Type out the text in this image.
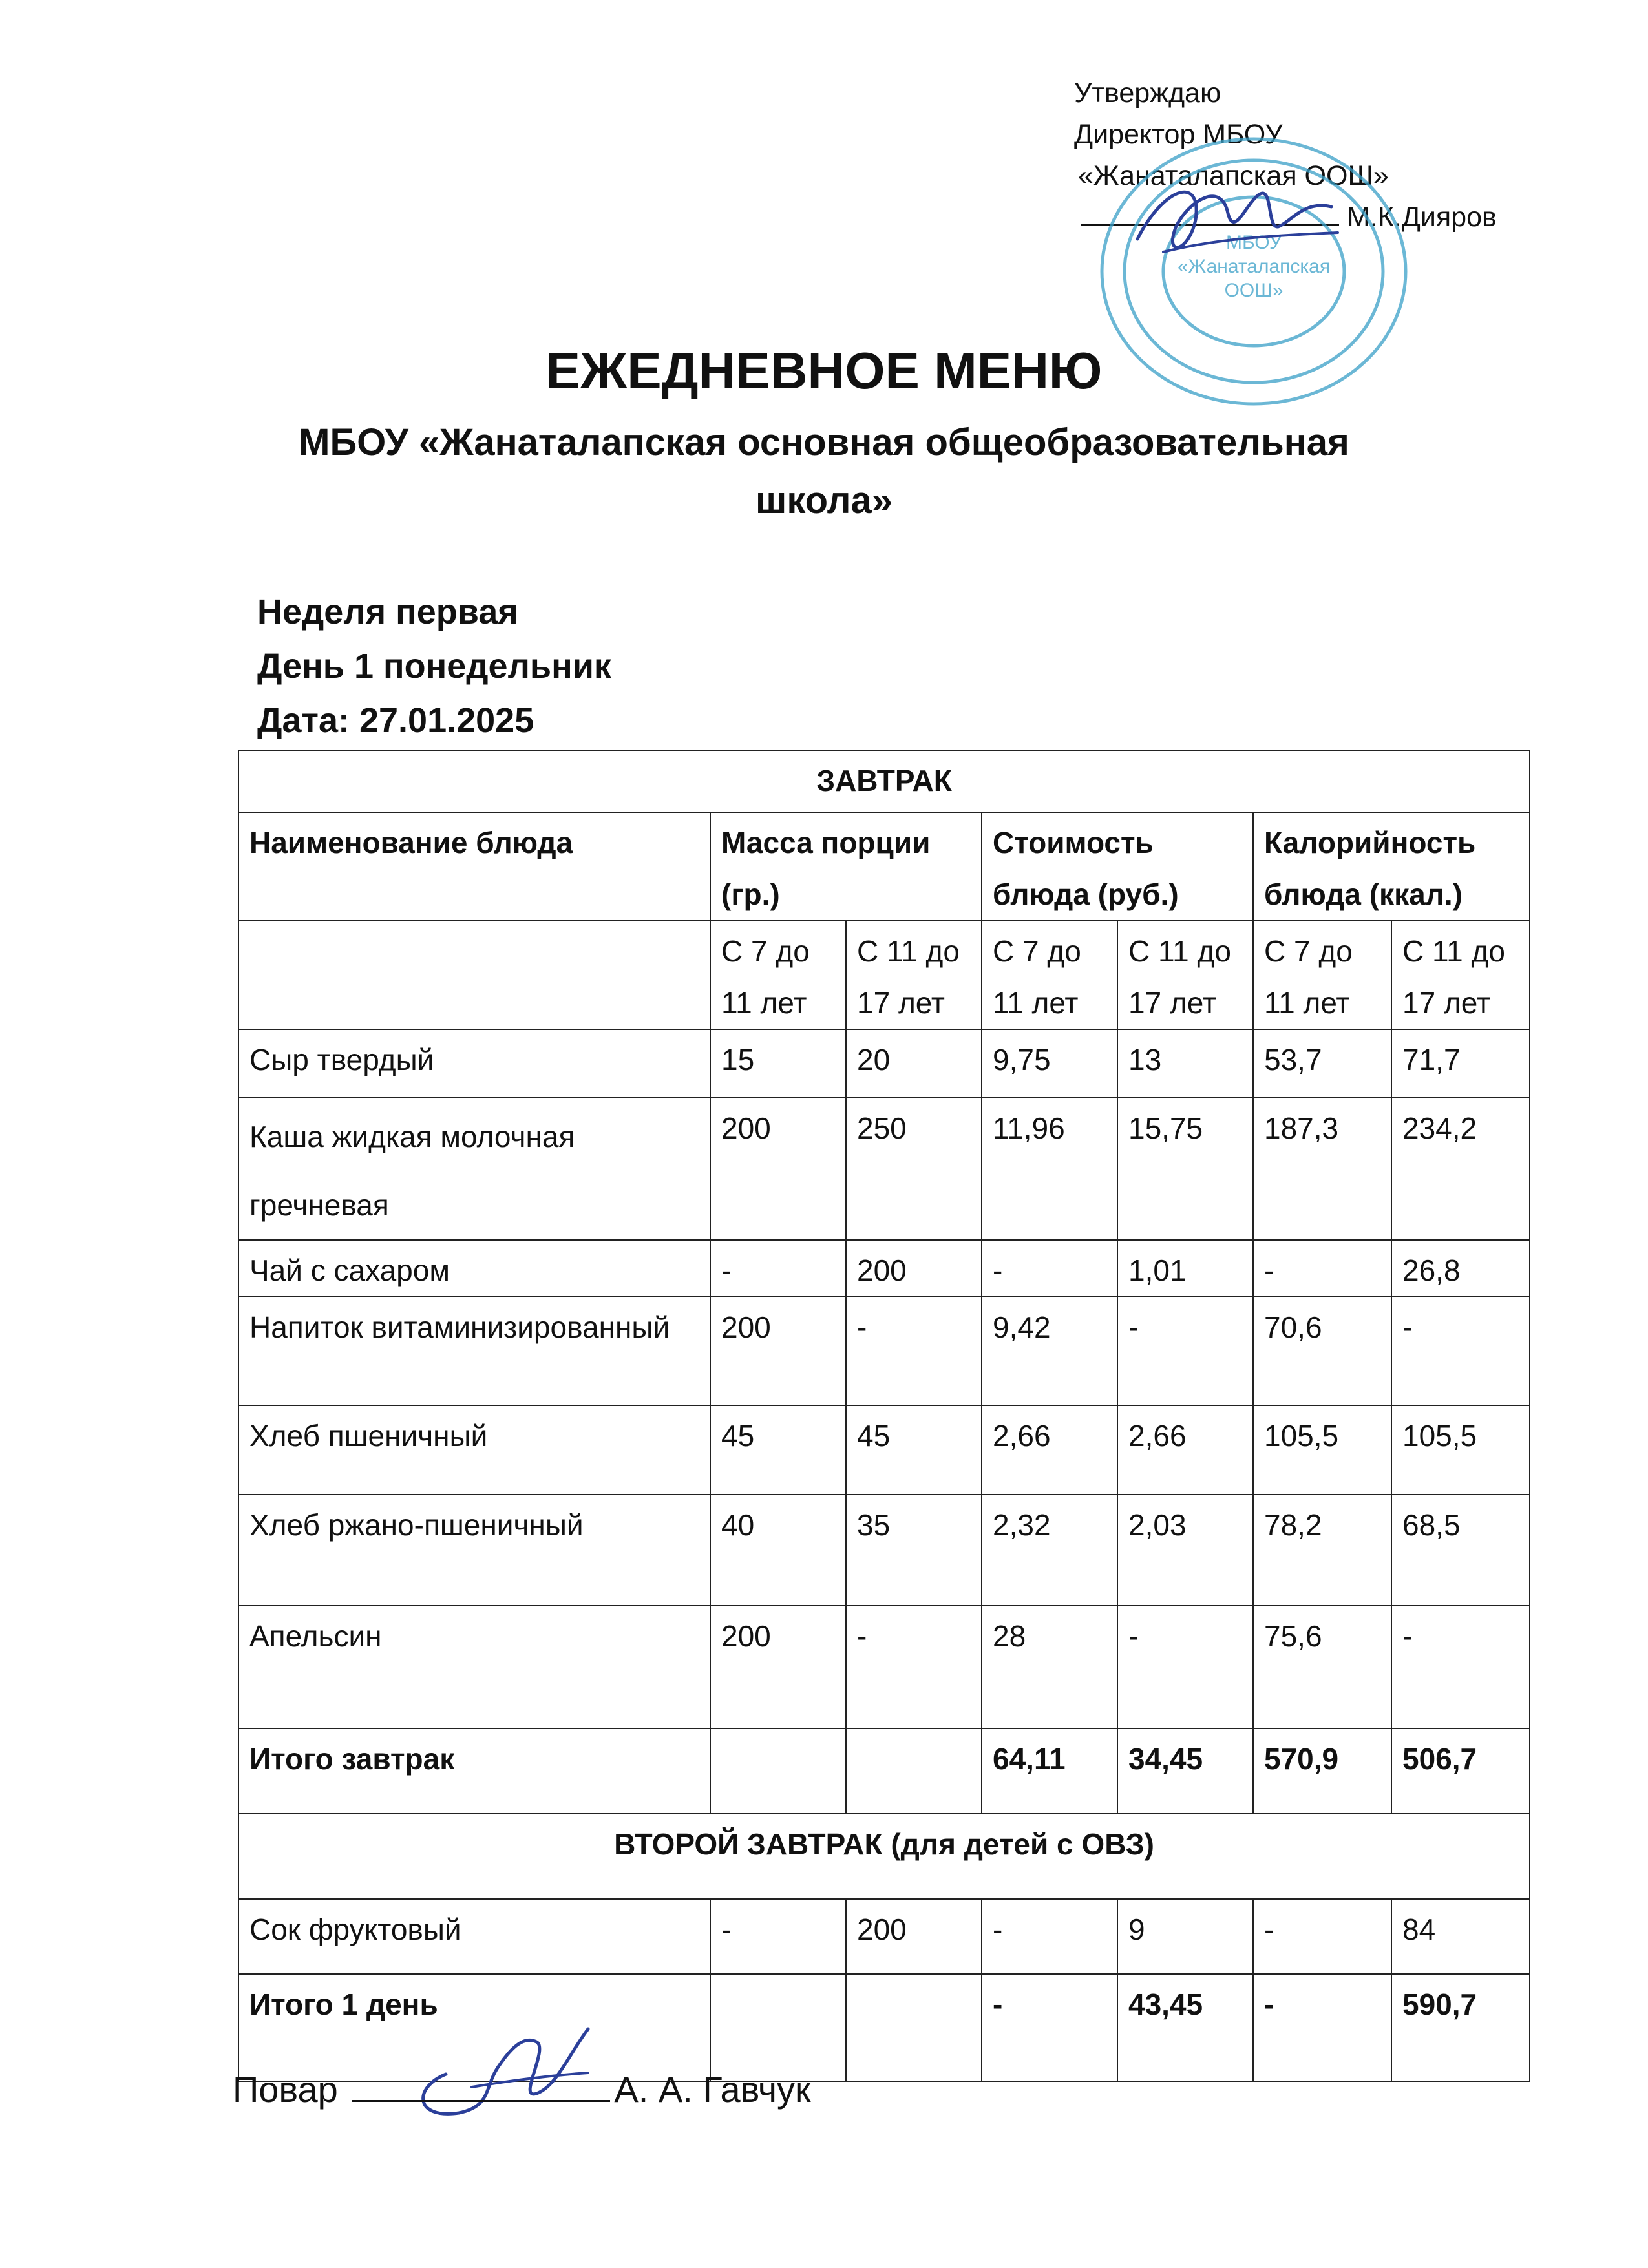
Утверждаю
Директор МБОУ
«Жанаталапская ООШ»
М.К.Дияров
МБОУ
«Жанаталапская
ООШ»
ЕЖЕДНЕВНОЕ МЕНЮ
МБОУ «Жанаталапская основная общеобразовательная
школа»
Неделя первая
День 1 понедельник
Дата: 27.01.2025
ЗАВТРАК						
Наименование блюда	Масса порции (гр.)		Стоимость блюда (руб.)		Калорийность блюда (ккал.)	
	С 7 до 11 лет	С 11 до 17 лет	С 7 до 11 лет	С 11 до 17 лет	С 7 до 11 лет	С 11 до 17 лет
Сыр твердый	15	20	9,75	13	53,7	71,7
Каша жидкая молочная гречневая	200	250	11,96	15,75	187,3	234,2
Чай с сахаром	-	200	-	1,01	-	26,8
Напиток витаминизированный	200	-	9,42	-	70,6	-
Хлеб пшеничный	45	45	2,66	2,66	105,5	105,5
Хлеб ржано-пшеничный	40	35	2,32	2,03	78,2	68,5
Апельсин	200	-	28	-	75,6	-
Итого завтрак			64,11	34,45	570,9	506,7
ВТОРОЙ ЗАВТРАК (для детей с ОВЗ)						
Сок фруктовый	-	200	-	9	-	84
Итого 1 день			-	43,45	-	590,7
Повар	А. А. Гавчук
